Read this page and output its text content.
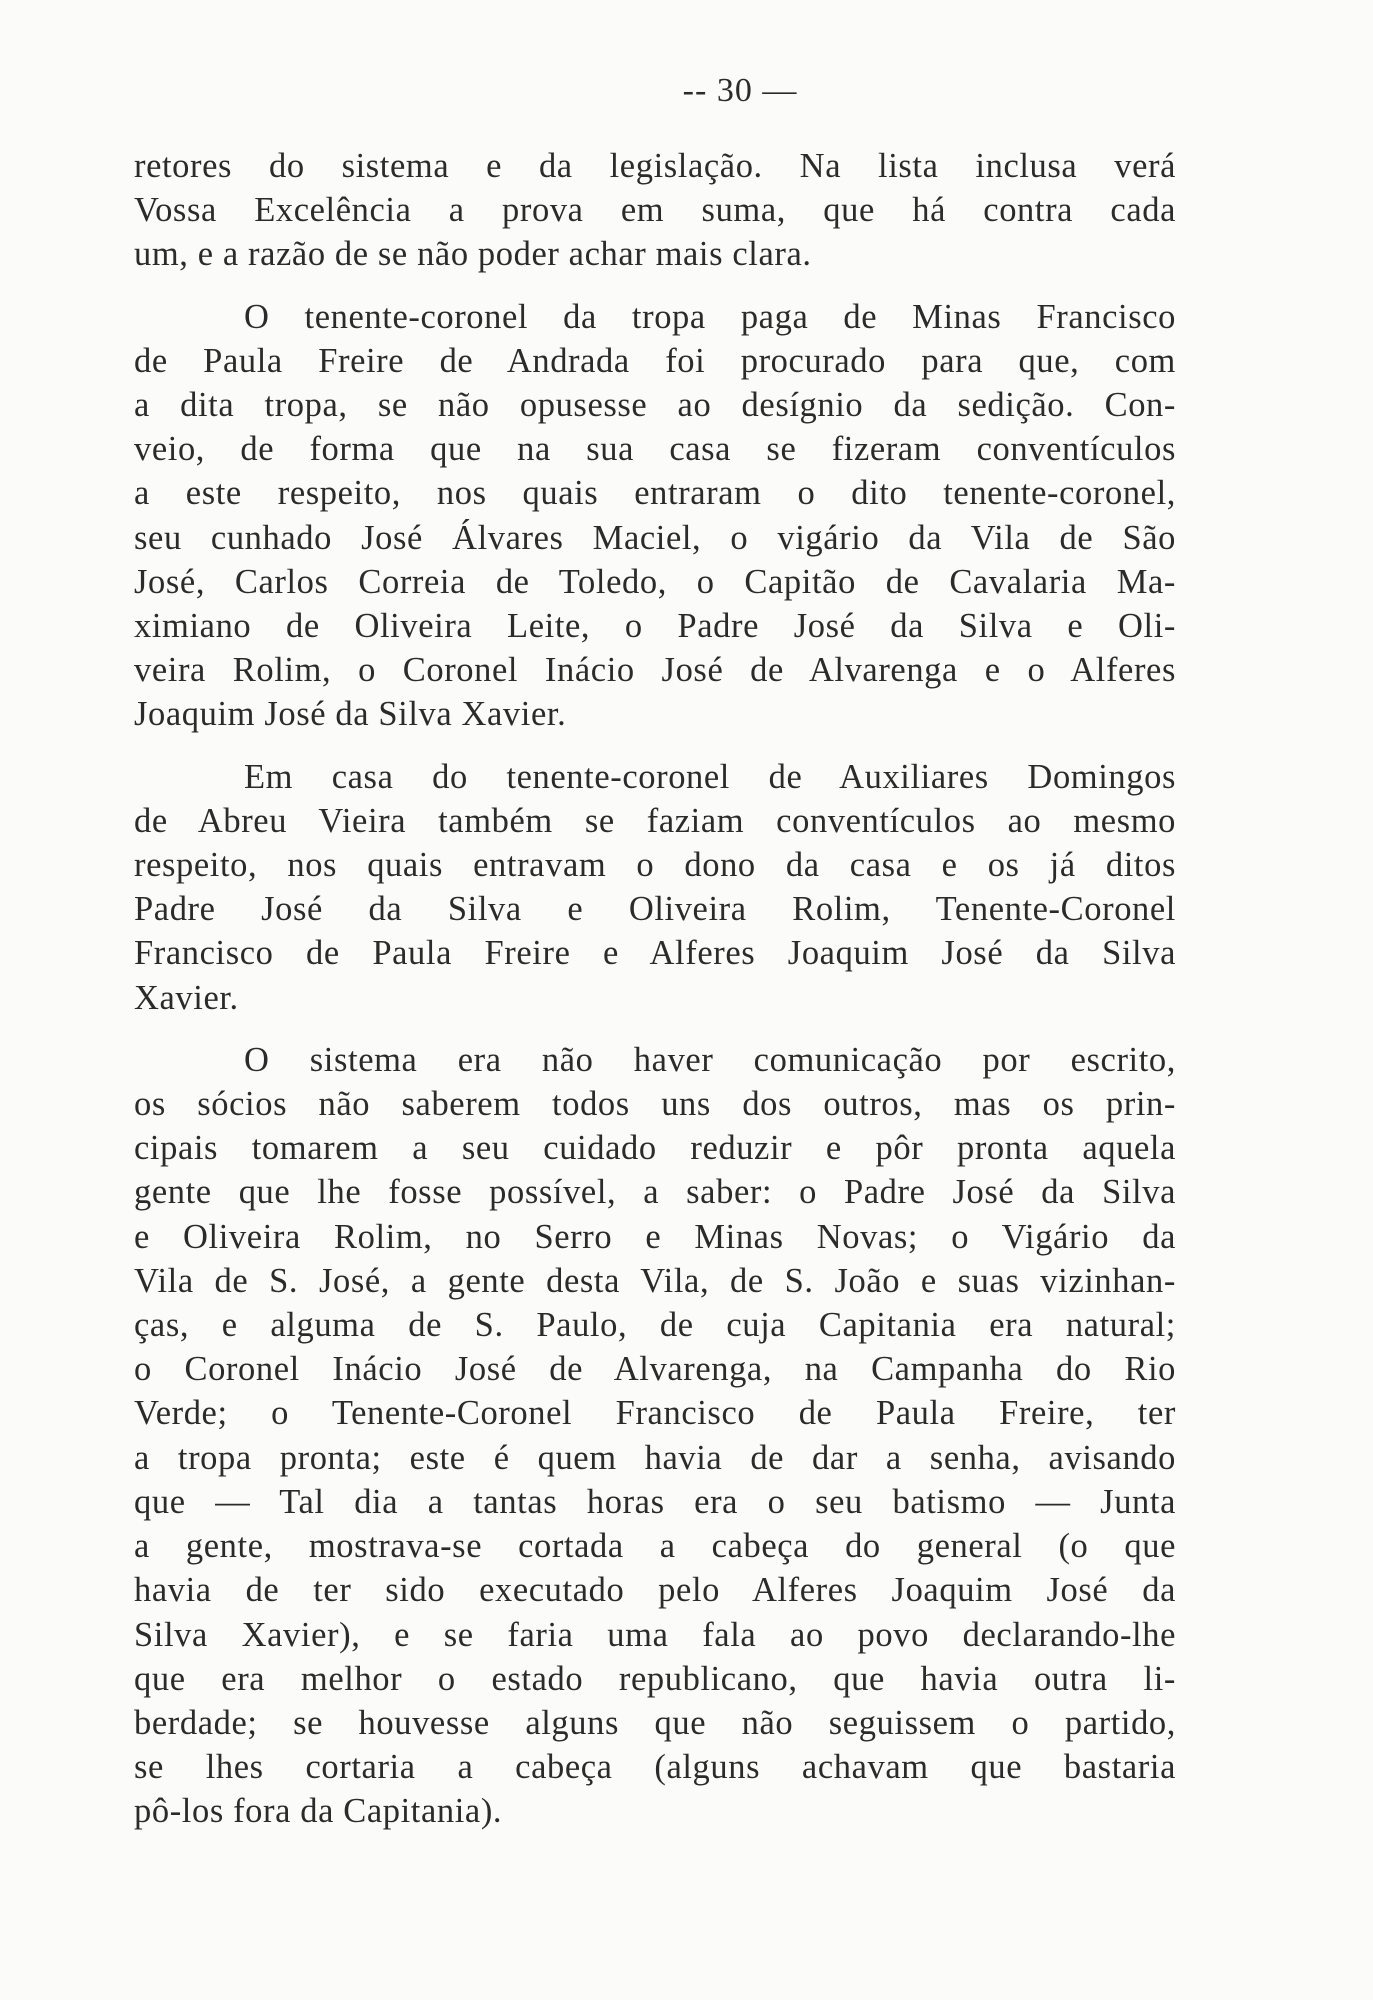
-- 30 —
retores do sistema e da legislação. Na lista inclusa verá
Vossa Excelência a prova em suma, que há contra cada
um, e a razão de se não poder achar mais clara.
O tenente-coronel da tropa paga de Minas Francisco
de Paula Freire de Andrada foi procurado para que, com
a dita tropa, se não opusesse ao desígnio da sedição. Con-
veio, de forma que na sua casa se fizeram conventículos
a este respeito, nos quais entraram o dito tenente-coronel,
seu cunhado José Álvares Maciel, o vigário da Vila de São
José, Carlos Correia de Toledo, o Capitão de Cavalaria Ma-
ximiano de Oliveira Leite, o Padre José da Silva e Oli-
veira Rolim, o Coronel Inácio José de Alvarenga e o Alferes
Joaquim José da Silva Xavier.
Em casa do tenente-coronel de Auxiliares Domingos
de Abreu Vieira também se faziam conventículos ao mesmo
respeito, nos quais entravam o dono da casa e os já ditos
Padre José da Silva e Oliveira Rolim, Tenente-Coronel
Francisco de Paula Freire e Alferes Joaquim José da Silva
Xavier.
O sistema era não haver comunicação por escrito,
os sócios não saberem todos uns dos outros, mas os prin-
cipais tomarem a seu cuidado reduzir e pôr pronta aquela
gente que lhe fosse possível, a saber: o Padre José da Silva
e Oliveira Rolim, no Serro e Minas Novas; o Vigário da
Vila de S. José, a gente desta Vila, de S. João e suas vizinhan-
ças, e alguma de S. Paulo, de cuja Capitania era natural;
o Coronel Inácio José de Alvarenga, na Campanha do Rio
Verde; o Tenente-Coronel Francisco de Paula Freire, ter
a tropa pronta; este é quem havia de dar a senha, avisando
que — Tal dia a tantas horas era o seu batismo — Junta
a gente, mostrava-se cortada a cabeça do general (o que
havia de ter sido executado pelo Alferes Joaquim José da
Silva Xavier), e se faria uma fala ao povo declarando-lhe
que era melhor o estado republicano, que havia outra li-
berdade; se houvesse alguns que não seguissem o partido,
se lhes cortaria a cabeça (alguns achavam que bastaria
pô-los fora da Capitania).
